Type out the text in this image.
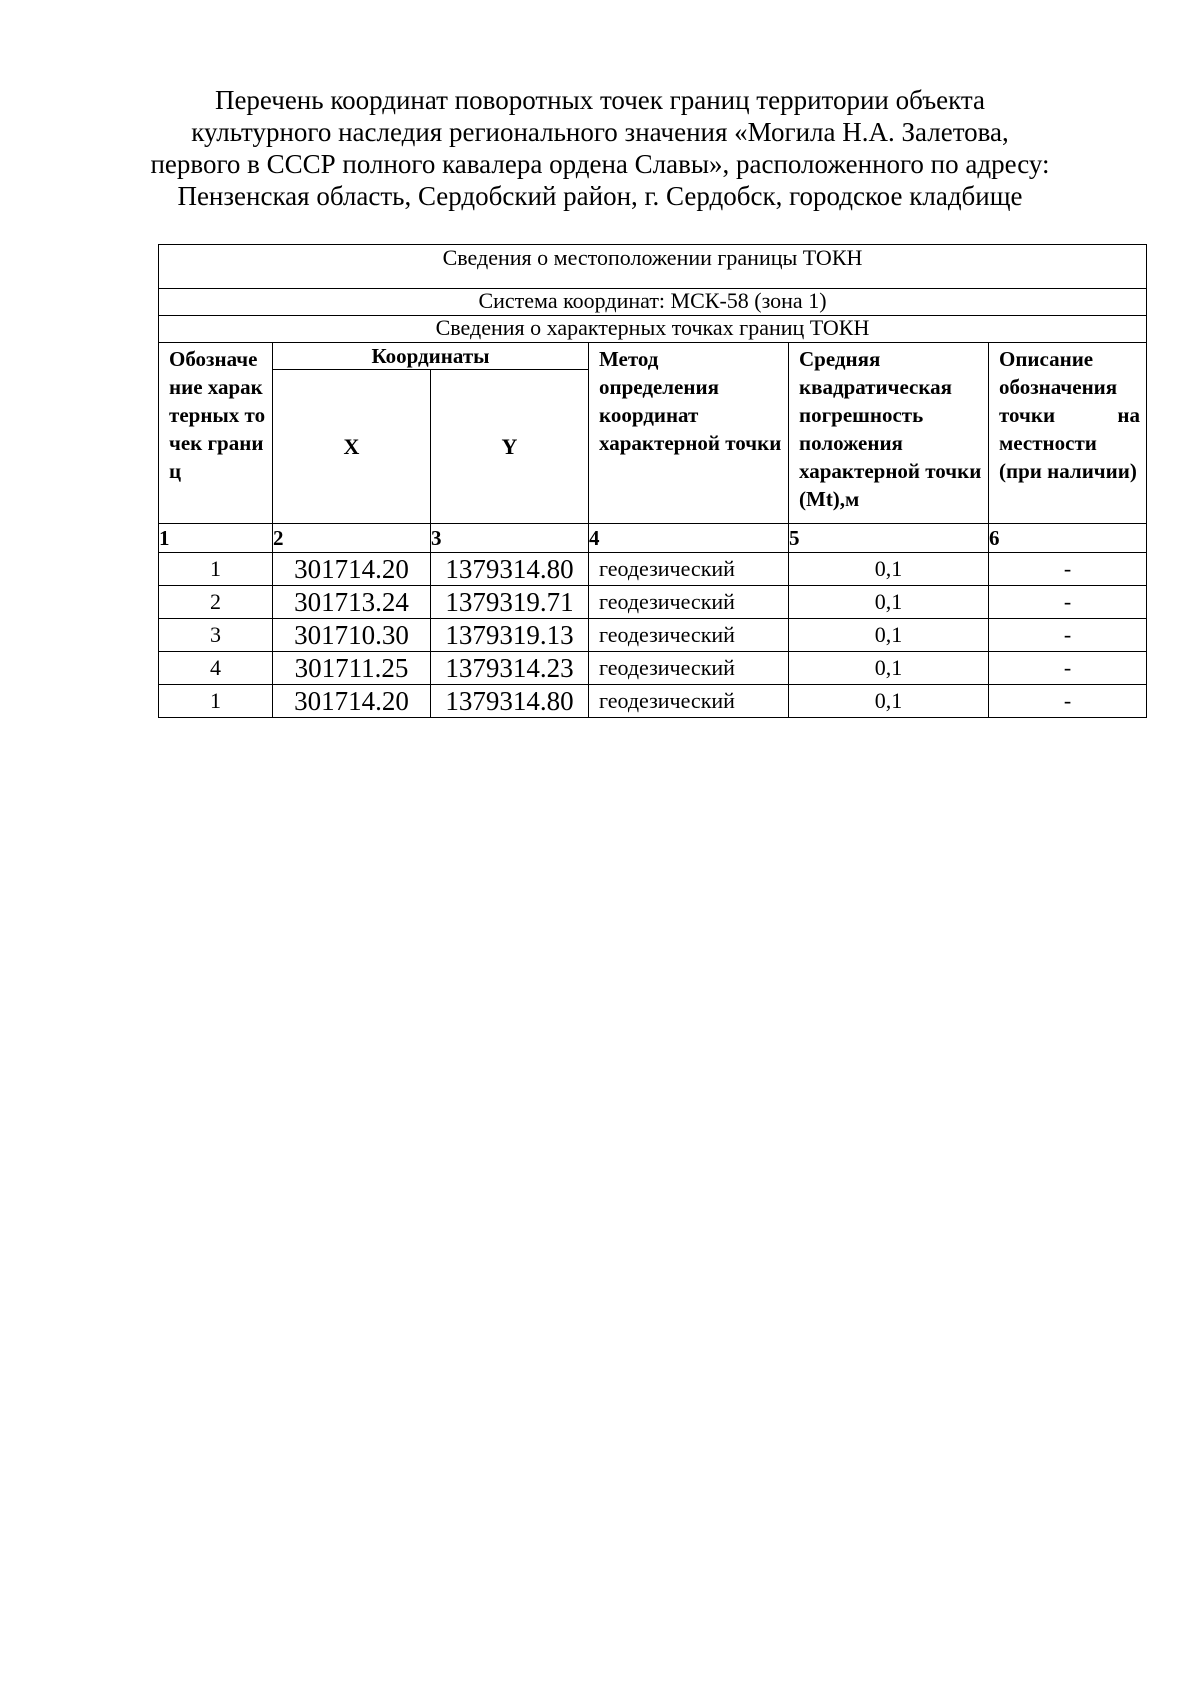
Перечень координат поворотных точек границ территории объекта
культурного наследия регионального значения «Могила Н.А. Залетова,
первого в СССР полного кавалера ордена Славы», расположенного по адресу:
Пензенская область, Сердобский район, г. Сердобск, городское кладбище
Сведения о местоположении границы ТОКН					
Система координат: МСК-58 (зона 1)					
Сведения о характерных точках границ ТОКН					
Обозначение характерных точек границ	Координаты		Метод определения координат характерной точки	Средняя квадратическая погрешность положения характерной точки (Mt),м	Описание обозначения точки на местности (при наличии)
	X	Y			
1	2	3	4	5	6
1	301714.20	1379314.80	геодезический	0,1	-
2	301713.24	1379319.71	геодезический	0,1	-
3	301710.30	1379319.13	геодезический	0,1	-
4	301711.25	1379314.23	геодезический	0,1	-
1	301714.20	1379314.80	геодезический	0,1	-
